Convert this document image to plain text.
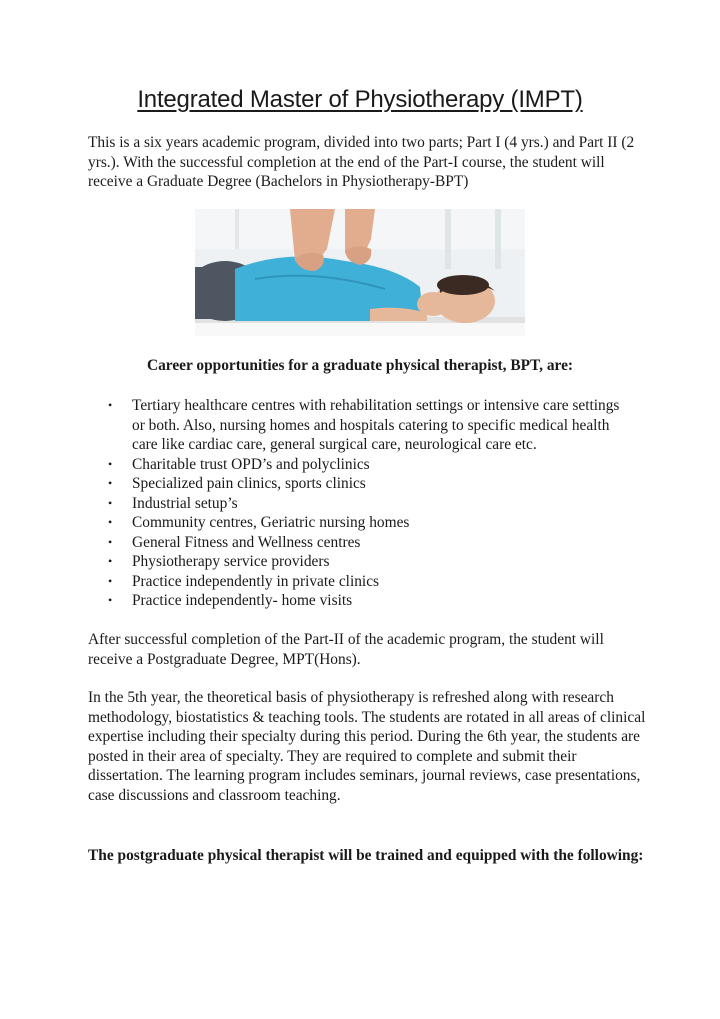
Integrated Master of Physiotherapy (IMPT)

This is a six years academic program, divided into two parts; Part I (4 yrs.) and Part II (2 yrs.). With the successful completion at the end of the Part-I course, the student will receive a Graduate Degree (Bachelors in Physiotherapy-BPT)

Career opportunities for a graduate physical therapist, BPT, are:

• Tertiary healthcare centres with rehabilitation settings or intensive care settings or both. Also, nursing homes and hospitals catering to specific medical health care like cardiac care, general surgical care, neurological care etc.
• Charitable trust OPD’s and polyclinics
• Specialized pain clinics, sports clinics
• Industrial setup’s
• Community centres, Geriatric nursing homes
• General Fitness and Wellness centres
• Physiotherapy service providers
• Practice independently in private clinics
• Practice independently- home visits

After successful completion of the Part-II of the academic program, the student will receive a Postgraduate Degree, MPT(Hons).

In the 5th year, the theoretical basis of physiotherapy is refreshed along with research methodology, biostatistics & teaching tools. The students are rotated in all areas of clinical expertise including their specialty during this period. During the 6th year, the students are posted in their area of specialty. They are required to complete and submit their dissertation. The learning program includes seminars, journal reviews, case presentations, case discussions and classroom teaching.

The postgraduate physical therapist will be trained and equipped with the following:
